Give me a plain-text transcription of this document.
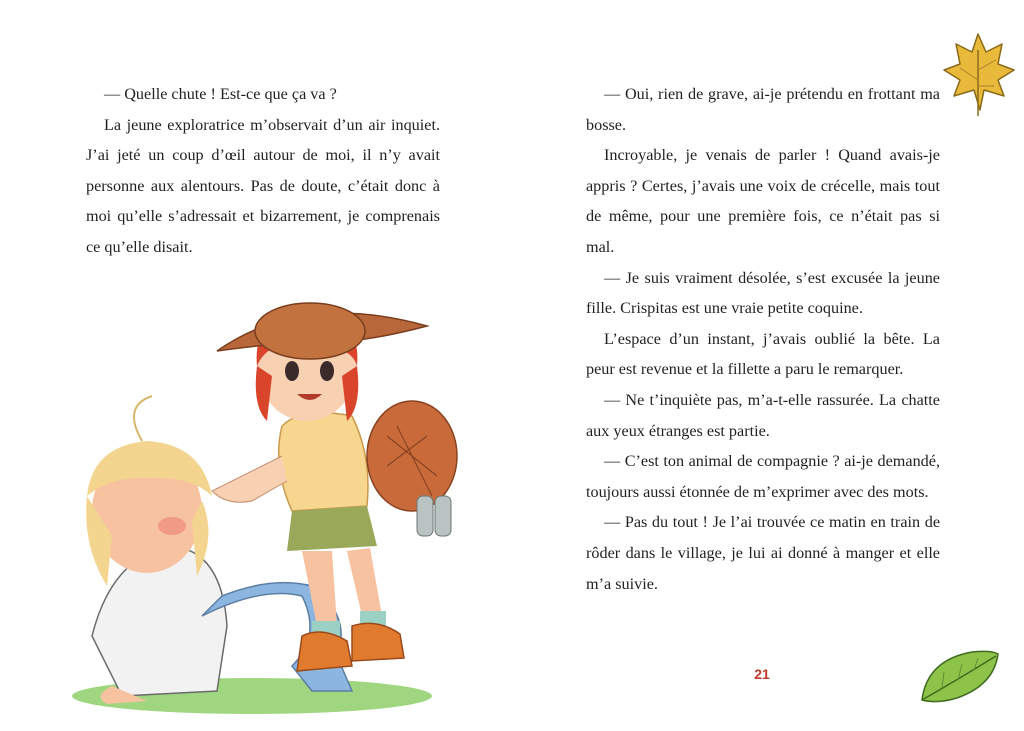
— Quelle chute ! Est-ce que ça va ?

La jeune exploratrice m’observait d’un air inquiet. J’ai jeté un coup d’œil autour de moi, il n’y avait personne aux alentours. Pas de doute, c’était donc à moi qu’elle s’adressait et bizarrement, je comprenais ce qu’elle disait.

— Oui, rien de grave, ai-je prétendu en frottant ma bosse.

Incroyable, je venais de parler ! Quand avais-je appris ? Certes, j’avais une voix de crécelle, mais tout de même, pour une première fois, ce n’était pas si mal.

— Je suis vraiment désolée, s’est excusée la jeune fille. Crispitas est une vraie petite coquine.

L’espace d’un instant, j’avais oublié la bête. La peur est revenue et la fillette a paru le remarquer.

— Ne t’inquiète pas, m’a-t-elle rassurée. La chatte aux yeux étranges est partie.

— C’est ton animal de compagnie ? ai-je demandé, toujours aussi étonnée de m’exprimer avec des mots.

— Pas du tout ! Je l’ai trouvée ce matin en train de rôder dans le village, je lui ai donné à manger et elle m’a suivie.

21
